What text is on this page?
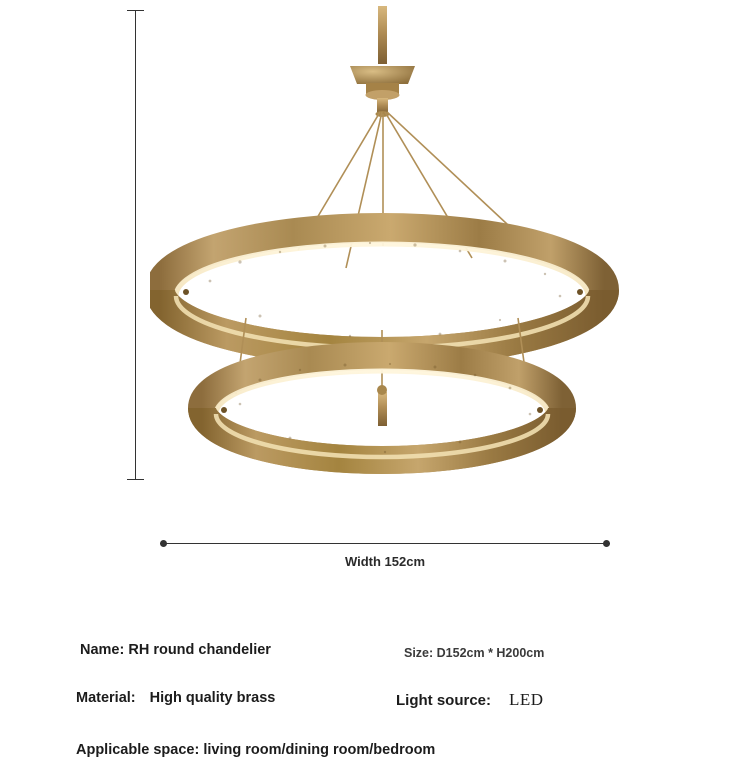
Width 152cm
Name: RH round chandelier	Size: D152cm * H200cm
Material: High quality brass	Light source: LED
Applicable space: living room/dining room/bedroom
